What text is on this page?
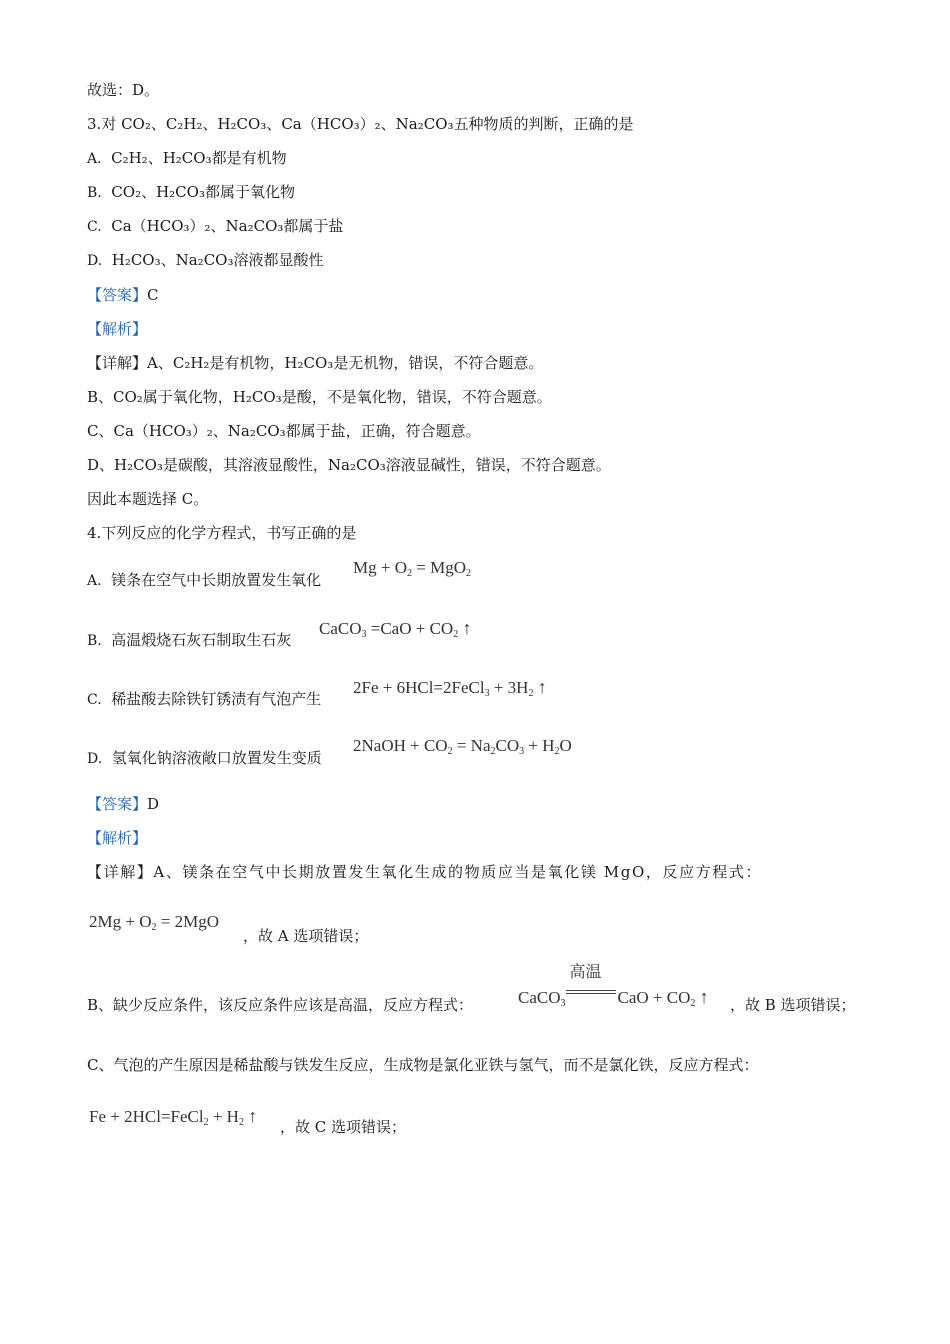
故选：D。
3.对 CO₂、C₂H₂、H₂CO₃、Ca（HCO₃）₂、Na₂CO₃五种物质的判断，正确的是
A. C₂H₂、H₂CO₃都是有机物
B. CO₂、H₂CO₃都属于氧化物
C. Ca（HCO₃）₂、Na₂CO₃都属于盐
D. H₂CO₃、Na₂CO₃溶液都显酸性
【答案】C
【解析】
【详解】A、C₂H₂是有机物，H₂CO₃是无机物，错误，不符合题意。
B、CO₂属于氧化物，H₂CO₃是酸，不是氧化物，错误，不符合题意。
C、Ca（HCO₃）₂、Na₂CO₃都属于盐，正确，符合题意。
D、H₂CO₃是碳酸，其溶液显酸性，Na₂CO₃溶液显碱性，错误，不符合题意。
因此本题选择 C。
4.下列反应的化学方程式，书写正确的是
A. 镁条在空气中长期放置发生氧化
$Mg + O_2 = MgO_2$
B. 高温煅烧石灰石制取生石灰
CaCO$_3$ $=CaO + CO_2$ ↑
C. 稀盐酸去除铁钉锈渍有气泡产生
2Fe + 6HCl=2FeCl$_3$ + $3H_2$ ↑
D. 氢氧化钠溶液敞口放置发生变质
2NaOH + $CO_2 = Na_2CO_3 + H_2O$
【答案】D
【解析】
【详解】A、镁条在空气中长期放置发生氧化生成的物质应当是氧化镁 MgO，反应方程式：
$2Mg + O_2 = 2MgO$
，故 A 选项错误；
B、缺少反应条件，该反应条件应该是高温，反应方程式：	CaCO$_3$
高温
CaO + $CO_2$ ↑ ，故 B 选项错误；
C、气泡的产生原因是稀盐酸与铁发生反应，生成物是氯化亚铁与氢气，而不是氯化铁，反应方程式：
Fe + 2HCl=FeCl$_2$ + $H_2$ ↑
，故 C 选项错误；
